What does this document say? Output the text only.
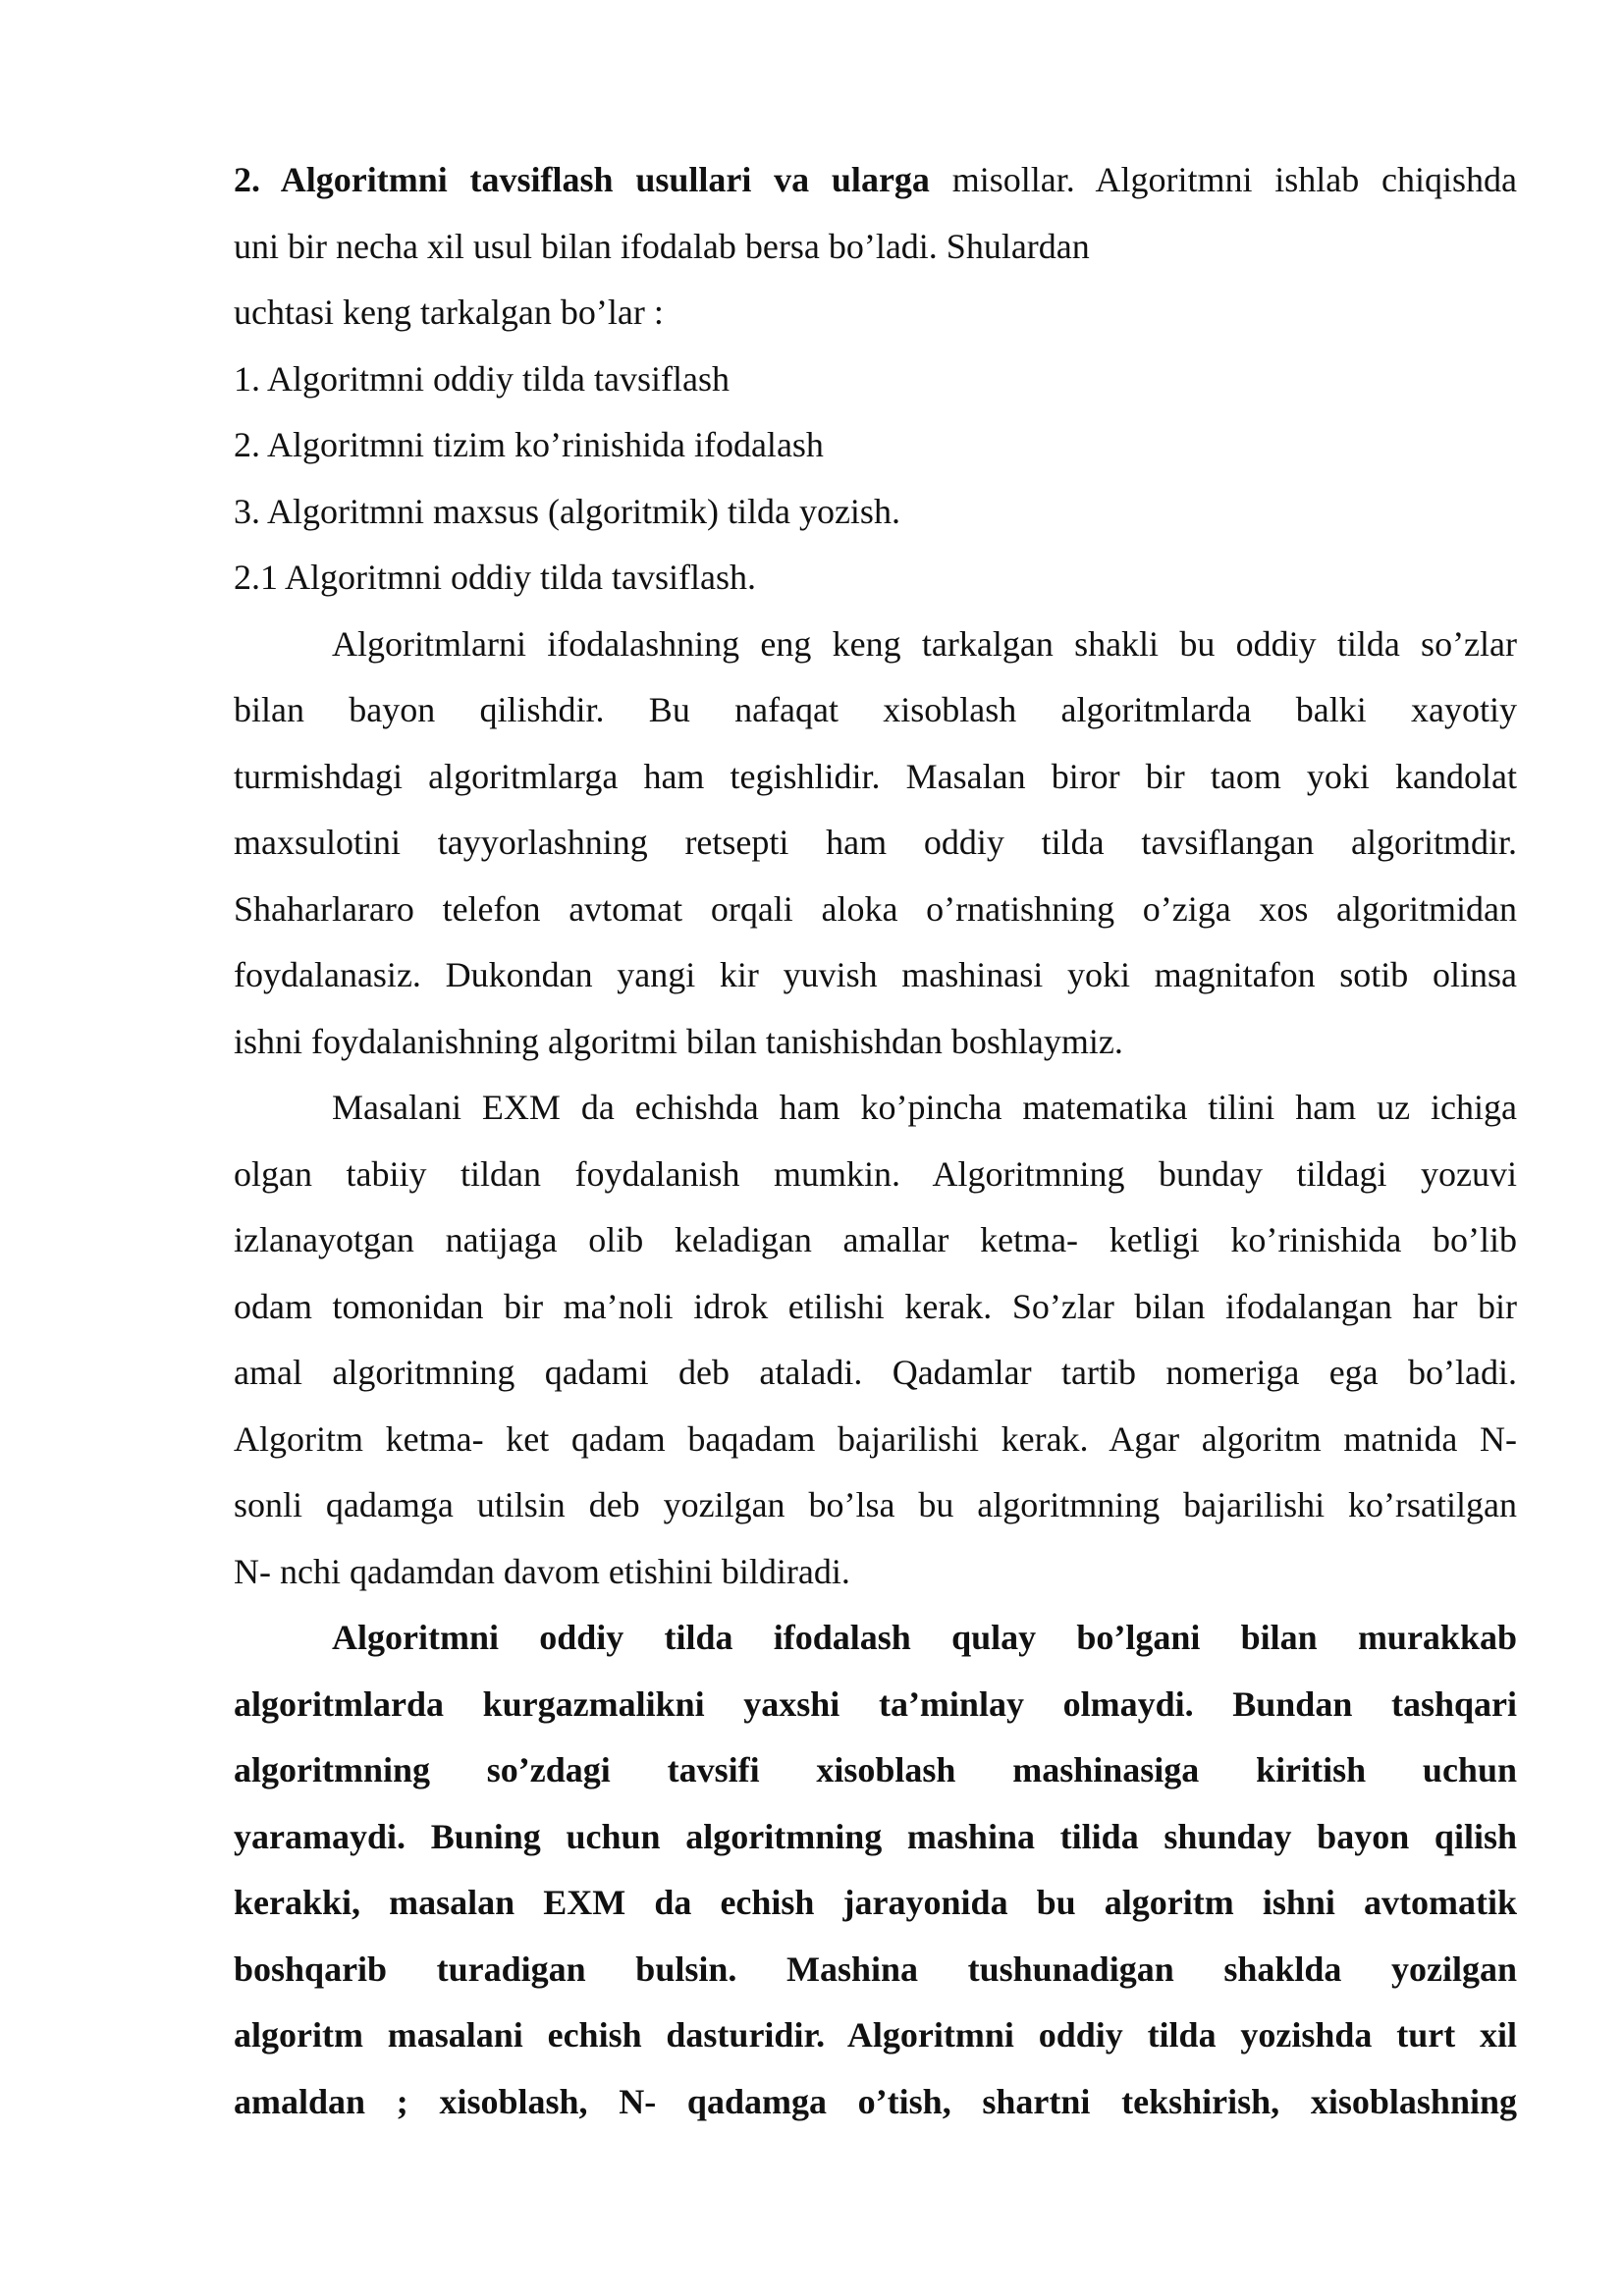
2. Algoritmni tavsiflash usullari va ularga misollar. Algoritmni ishlab chiqishda
uni bir necha xil usul bilan ifodalab bersa bo’ladi. Shulardan
uchtasi keng tarkalgan bo’lar :
1. Algoritmni oddiy tilda tavsiflash
2. Algoritmni tizim ko’rinishida ifodalash
3. Algoritmni maxsus (algoritmik) tilda yozish.
2.1 Algoritmni oddiy tilda tavsiflash.
Algoritmlarni ifodalashning eng keng tarkalgan shakli bu oddiy tilda so’zlar
bilan bayon qilishdir. Bu nafaqat xisoblash algoritmlarda balki xayotiy
turmishdagi algoritmlarga ham tegishlidir. Masalan biror bir taom yoki kandolat
maxsulotini tayyorlashning retsepti ham oddiy tilda tavsiflangan algoritmdir.
Shaharlararo telefon avtomat orqali aloka o’rnatishning o’ziga xos algoritmidan
foydalanasiz. Dukondan yangi kir yuvish mashinasi yoki magnitafon sotib olinsa
ishni foydalanishning algoritmi bilan tanishishdan boshlaymiz.
Masalani EXM da echishda ham ko’pincha matematika tilini ham uz ichiga
olgan tabiiy tildan foydalanish mumkin. Algoritmning bunday tildagi yozuvi
izlanayotgan natijaga olib keladigan amallar ketma- ketligi ko’rinishida bo’lib
odam tomonidan bir ma’noli idrok etilishi kerak. So’zlar bilan ifodalangan har bir
amal algoritmning qadami deb ataladi. Qadamlar tartib nomeriga ega bo’ladi.
Algoritm ketma- ket qadam baqadam bajarilishi kerak. Agar algoritm matnida N-
sonli qadamga utilsin deb yozilgan bo’lsa bu algoritmning bajarilishi ko’rsatilgan
N- nchi qadamdan davom etishini bildiradi.
Algoritmni oddiy tilda ifodalash qulay bo’lgani bilan murakkab
algoritmlarda kurgazmalikni yaxshi ta’minlay olmaydi. Bundan tashqari
algoritmning so’zdagi tavsifi xisoblash mashinasiga kiritish uchun
yaramaydi. Buning uchun algoritmning mashina tilida shunday bayon qilish
kerakki, masalan EXM da echish jarayonida bu algoritm ishni avtomatik
boshqarib turadigan bulsin. Mashina tushunadigan shaklda yozilgan
algoritm masalani echish dasturidir. Algoritmni oddiy tilda yozishda turt xil
amaldan ; xisoblash, N- qadamga o’tish, shartni tekshirish, xisoblashning
